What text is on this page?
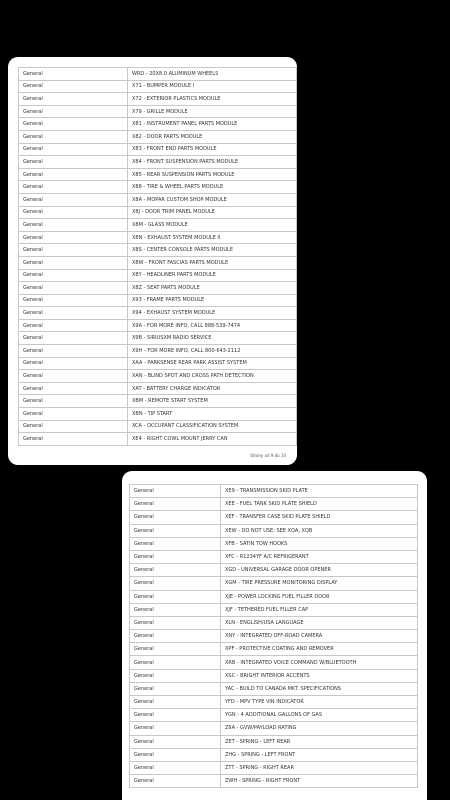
General	WRD - 20X8.0 ALUMINUM WHEELS
General	X71 - BUMPER MODULE I
General	X72 - EXTERIOR PLASTICS MODULE
General	X79 - GRILLE MODULE
General	X81 - INSTRUMENT PANEL PARTS MODULE
General	X82 - DOOR PARTS MODULE
General	X83 - FRONT END PARTS MODULE
General	X84 - FRONT SUSPENSION PARTS MODULE
General	X85 - REAR SUSPENSION PARTS MODULE
General	X88 - TIRE & WHEEL PARTS MODULE
General	X8A - MOPAR CUSTOM SHOP MODULE
General	X8J - DOOR TRIM PANEL MODULE
General	X8M - GLASS MODULE
General	X8N - EXHAUST SYSTEM MODULE II
General	X8S - CENTER CONSOLE PARTS MODULE
General	X8W - FRONT FASCIAS PARTS MODULE
General	X8Y - HEADLINER PARTS MODULE
General	X8Z - SEAT PARTS MODULE
General	X93 - FRAME PARTS MODULE
General	X94 - EXHAUST SYSTEM MODULE
General	X9A - FOR MORE INFO, CALL 888-539-7474
General	X9B - SIRIUSXM RADIO SERVICE
General	X9H - FOR MORE INFO, CALL 800-643-2112
General	XAA - PARKSENSE REAR PARK ASSIST SYSTEM
General	XAN - BLIND SPOT AND CROSS PATH DETECTION
General	XAT - BATTERY CHARGE INDICATOR
General	XBM - REMOTE START SYSTEM
General	XBN - TIP START
General	XCA - OCCUPANT CLASSIFICATION SYSTEM
General	XE4 - RIGHT COWL MOUNT JERRY CAN
Strony od 9 do 10
General	XE9 - TRANSMISSION SKID PLATE
General	XEE - FUEL TANK SKID PLATE SHIELD
General	XEF - TRANSFER CASE SKID PLATE SHIELD
General	XEW - DO NOT USE; SEE XQA, XQB
General	XFB - SATIN TOW HOOKS
General	XFC - R1234YF A/C REFRIGERANT
General	XGD - UNIVERSAL GARAGE DOOR OPENER
General	XGM - TIRE PRESSURE MONITORING DISPLAY
General	XJE - POWER LOCKING FUEL FILLER DOOR
General	XJF - TETHERED FUEL FILLER CAP
General	XLN - ENGLISH/USA LANGUAGE
General	XNY - INTEGRATED OFF-ROAD CAMERA
General	XPF - PROTECTIVE COATING AND REMOVER
General	XRB - INTEGRATED VOICE COMMAND W/BLUETOOTH
General	XSC - BRIGHT INTERIOR ACCENTS
General	YAC - BUILD TO CANADA MKT. SPECIFICATIONS
General	YFD - MPV TYPE VIN INDICATOR
General	YGN - 4 ADDITIONAL GALLONS OF GAS
General	Z6A - GVW/PAYLOAD RATING
General	ZET - SPRING - LEFT REAR
General	ZHG - SPRING - LEFT FRONT
General	ZTT - SPRING - RIGHT REAR
General	ZWH - SPRING - RIGHT FRONT
